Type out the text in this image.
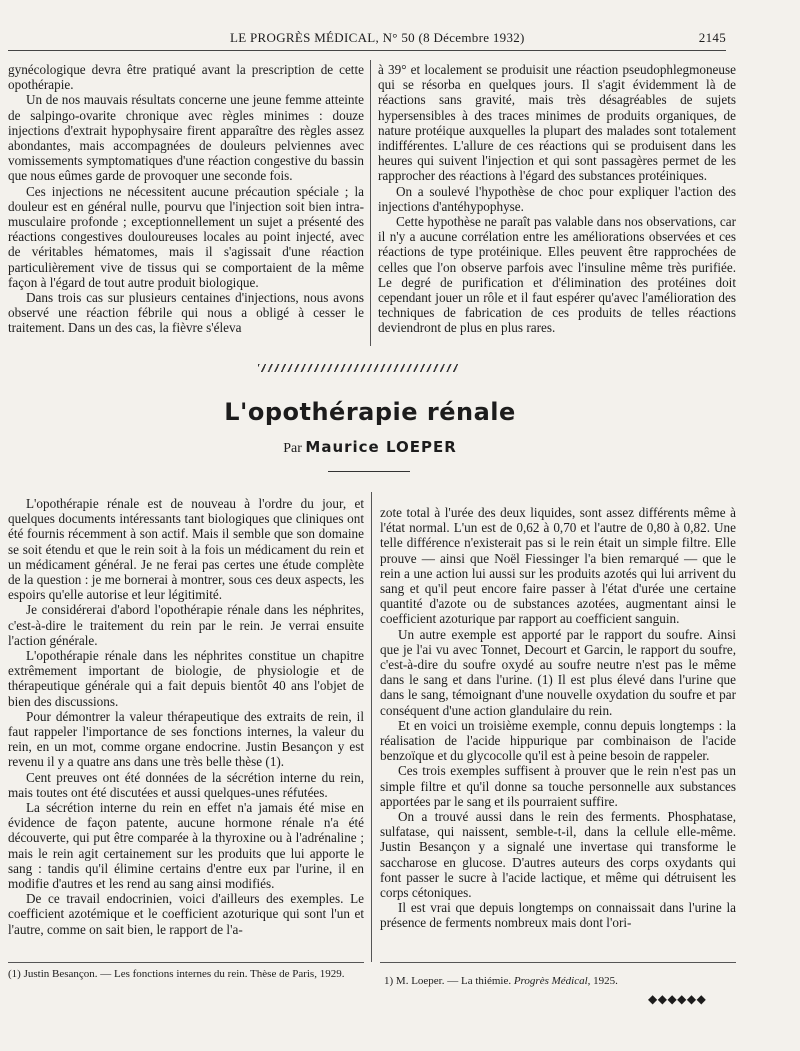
LE PROGRÈS MÉDICAL, N° 50 (8 Décembre 1932)	2145

gynécologique devra être pratiqué avant la prescription de cette opothérapie.

Un de nos mauvais résultats concerne une jeune femme atteinte de salpingo-ovarite chronique avec règles minimes : douze injections d'extrait hypophysaire firent apparaître des règles assez abondantes, mais accompagnées de douleurs pelviennes avec vomissements symptomatiques d'une réaction congestive du bassin que nous eûmes garde de provoquer une seconde fois.

Ces injections ne nécessitent aucune précaution spéciale ; la douleur est en général nulle, pourvu que l'injection soit bien intra-musculaire profonde ; exceptionnellement un sujet a présenté des réactions congestives douloureuses locales au point injecté, avec de véritables hématomes, mais il s'agissait d'une réaction particulièrement vive de tissus qui se comportaient de la même façon à l'égard de tout autre produit biologique.

Dans trois cas sur plusieurs centaines d'injections, nous avons observé une réaction fébrile qui nous a obligé à cesser le traitement. Dans un des cas, la fièvre s'éleva

à 39° et localement se produisit une réaction pseudophlegmoneuse qui se résorba en quelques jours. Il s'agit évidemment là de réactions sans gravité, mais très désagréables de sujets hypersensibles à des traces minimes de produits organiques, de nature protéique auxquelles la plupart des malades sont totalement indifférentes. L'allure de ces réactions qui se produisent dans les heures qui suivent l'injection et qui sont passagères permet de les rapprocher des réactions à l'égard des substances protéiniques.

On a soulevé l'hypothèse de choc pour expliquer l'action des injections d'antéhypophyse.

Cette hypothèse ne paraît pas valable dans nos observations, car il n'y a aucune corrélation entre les améliorations observées et ces réactions de type protéinique. Elles peuvent être rapprochées de celles que l'on observe parfois avec l'insuline même très purifiée. Le degré de purification et d'élimination des protéines doit cependant jouer un rôle et il faut espérer qu'avec l'amélioration des techniques de fabrication de ces produits de telles réactions deviendront de plus en plus rares.

L'opothérapie rénale
Par Maurice LOEPER

L'opothérapie rénale est de nouveau à l'ordre du jour, et quelques documents intéressants tant biologiques que cliniques ont été fournis récemment à son actif. Mais il semble que son domaine se soit étendu et que le rein soit à la fois un médicament du rein et un médicament général. Je ne ferai pas certes une étude complète de la question : je me bornerai à montrer, sous ces deux aspects, les espoirs qu'elle autorise et leur légitimité.

Je considérerai d'abord l'opothérapie rénale dans les néphrites, c'est-à-dire le traitement du rein par le rein. Je verrai ensuite l'action générale.

L'opothérapie rénale dans les néphrites constitue un chapitre extrêmement important de biologie, de physiologie et de thérapeutique générale qui a fait depuis bientôt 40 ans l'objet de bien des discussions.

Pour démontrer la valeur thérapeutique des extraits de rein, il faut rappeler l'importance de ses fonctions internes, la valeur du rein, en un mot, comme organe endocrine. Justin Besançon y est revenu il y a quatre ans dans une très belle thèse (1).

Cent preuves ont été données de la sécrétion interne du rein, mais toutes ont été discutées et aussi quelques-unes réfutées.

La sécrétion interne du rein en effet n'a jamais été mise en évidence de façon patente, aucune hormone rénale n'a été découverte, qui put être comparée à la thyroxine ou à l'adrénaline ; mais le rein agit certainement sur les produits que lui apporte le sang : tandis qu'il élimine certains d'entre eux par l'urine, il en modifie d'autres et les rend au sang ainsi modifiés.

De ce travail endocrinien, voici d'ailleurs des exemples. Le coefficient azotémique et le coefficient azoturique qui sont l'un et l'autre, comme on sait bien, le rapport de l'a-

zote total à l'urée des deux liquides, sont assez différents même à l'état normal. L'un est de 0,62 à 0,70 et l'autre de 0,80 à 0,82. Une telle différence n'existerait pas si le rein était un simple filtre. Elle prouve — ainsi que Noël Fiessinger l'a bien remarqué — que le rein a une action lui aussi sur les produits azotés qui lui arrivent du sang et qu'il peut encore faire passer à l'état d'urée une certaine quantité d'azote ou de substances azotées, augmentant ainsi le coefficient azoturique par rapport au coefficient sanguin.

Un autre exemple est apporté par le rapport du soufre. Ainsi que je l'ai vu avec Tonnet, Decourt et Garcin, le rapport du soufre, c'est-à-dire du soufre oxydé au soufre neutre n'est pas le même dans le sang et dans l'urine. (1) Il est plus élevé dans l'urine que dans le sang, témoignant d'une nouvelle oxydation du soufre et par conséquent d'une action glandulaire du rein.

Et en voici un troisième exemple, connu depuis longtemps : la réalisation de l'acide hippurique par combinaison de l'acide benzoïque et du glycocolle qu'il est à peine besoin de rappeler.

Ces trois exemples suffisent à prouver que le rein n'est pas un simple filtre et qu'il donne sa touche personnelle aux substances apportées par le sang et ils pourraient suffire.

On a trouvé aussi dans le rein des ferments. Phosphatase, sulfatase, qui naissent, semble-t-il, dans la cellule elle-même. Justin Besançon y a signalé une invertase qui transforme le saccharose en glucose. D'autres auteurs des corps oxydants qui font passer le sucre à l'acide lactique, et même qui détruisent les corps cétoniques.

Il est vrai que depuis longtemps on connaissait dans l'urine la présence de ferments nombreux mais dont l'ori-

(1) Justin Besançon. — Les fonctions internes du rein. Thèse de Paris, 1929.
1) M. Loeper. — La thiémie. Progrès Médical, 1925.
◆◆◆◆◆◆
